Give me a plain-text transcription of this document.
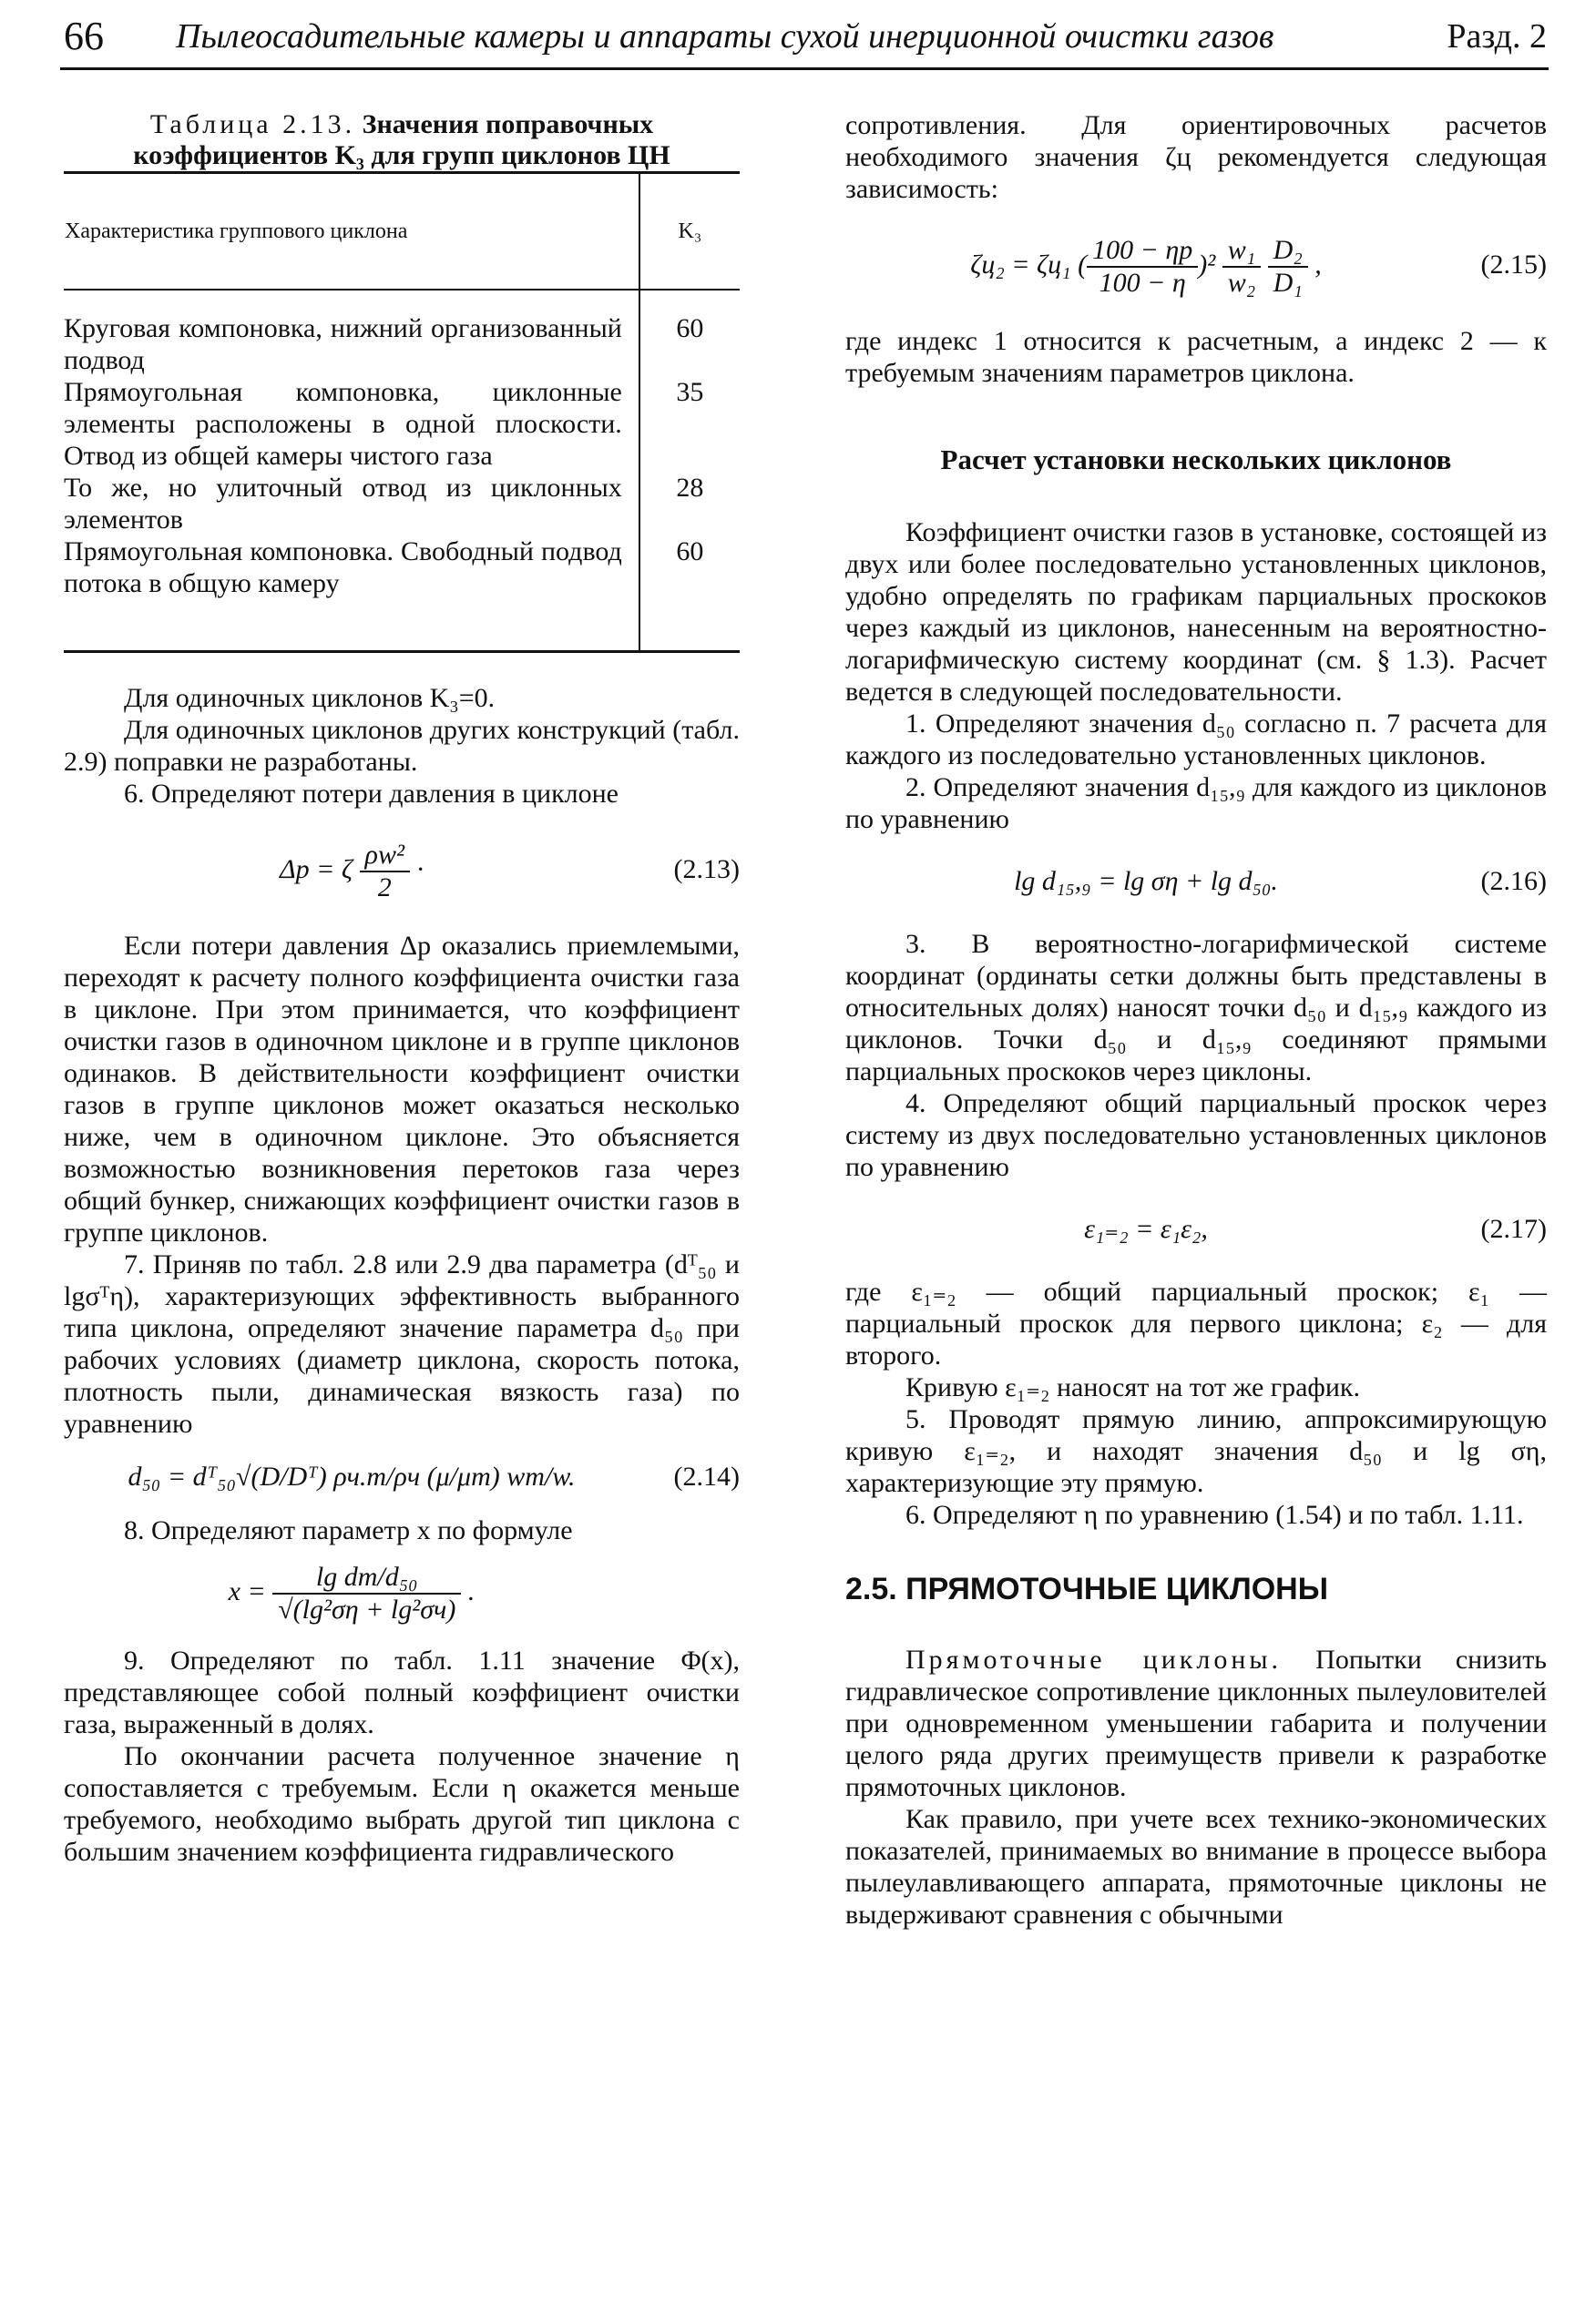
66 Пылеосадительные камеры и аппараты сухой инерционной очистки газов	Разд. 2

Таблица 2.13. Значения поправочных коэффициентов K₃ для групп циклонов ЦН

Характеристика группового циклона	K₃

Круговая компоновка, нижний организованный подвод	60
Прямоугольная компоновка, циклонные элементы расположены в одной плоскости. Отвод из общей камеры чистого газа	35
То же, но улиточный отвод из циклонных элементов	28
Прямоугольная компоновка. Свободный подвод потока в общую камеру	60

Для одиночных циклонов K₃=0.

Для одиночных циклонов других конструкций (табл. 2.9) поправки не разработаны.

6. Определяют потери давления в циклоне

Δp = ζ $\frac{\text{ρw²}}{2}$ ·	(2.13)

Если потери давления Δp оказались приемлемыми, переходят к расчету полного коэффициента очистки газа в циклоне. При этом принимается, что коэффициент очистки газов в одиночном циклоне и в группе циклонов одинаков. В действительности коэффициент очистки газов в группе циклонов может оказаться несколько ниже, чем в одиночном циклоне. Это объясняется возможностью возникновения перетоков газа через общий бункер, снижающих коэффициент очистки газов в группе циклонов.

7. Приняв по табл. 2.8 или 2.9 два параметра (dᵀ₅₀ и lgσᵀη), характеризующих эффективность выбранного типа циклона, определяют значение параметра d₅₀ при рабочих условиях (диаметр циклона, скорость потока, плотность пыли, динамическая вязкость газа) по уравнению

d₅₀ = dᵀ₅₀√(D/Dᵀ) ρч.т/ρч (μ/μт) wт/w.	(2.14)

8. Определяют параметр x по формуле

$x = \frac{\text{lg dm/d₅₀}}{\text{√(lg²ση + lg²σч)}}$ .

9. Определяют по табл. 1.11 значение Φ(x), представляющее собой полный коэффициент очистки газа, выраженный в долях.

По окончании расчета полученное значение η сопоставляется с требуемым. Если η окажется меньше требуемого, необходимо выбрать другой тип циклона с большим значением коэффициента гидравлического

сопротивления. Для ориентировочных расчетов необходимого значения ζц рекомендуется следующая зависимость:

ζц₂ = ζц₁ ( $\frac{100 - \eta p}{100 - \eta} )^2 \frac{\text{w₁}}{\text{w₂}}$
$\frac{\text{D₂}}{\text{D₁}}$ ,	(2.15)

где индекс 1 относится к расчетным, а индекс 2 — к требуемым значениям параметров циклона.

Расчет установки нескольких циклонов

Коэффициент очистки газов в установке, состоящей из двух или более последовательно установленных циклонов, удобно определять по графикам парциальных проскоков через каждый из циклонов, нанесенным на вероятностно-логарифмическую систему координат (см. § 1.3). Расчет ведется в следующей последовательности.

1. Определяют значения d₅₀ согласно п. 7 расчета для каждого из последовательно установленных циклонов.

2. Определяют значения d₁₅,₉ для каждого из циклонов по уравнению

lg d₁₅,₉ = lg ση + lg d₅₀.	(2.16)

3. В вероятностно-логарифмической системе координат (ординаты сетки должны быть представлены в относительных долях) наносят точки d₅₀ и d₁₅,₉ каждого из циклонов. Точки d₅₀ и d₁₅,₉ соединяют прямыми парциальных проскоков через циклоны.

4. Определяют общий парциальный проскок через систему из двух последовательно установленных циклонов по уравнению

ε₁₌₂ = ε₁ε₂,	(2.17)

где ε₁₌₂ — общий парциальный проскок; ε₁ — парциальный проскок для первого циклона; ε₂ — для второго.

Кривую ε₁₌₂ наносят на тот же график.

5. Проводят прямую линию, аппроксимирующую кривую ε₁₌₂, и находят значения d₅₀ и lg ση, характеризующие эту прямую.

6. Определяют η по уравнению (1.54) и по табл. 1.11.

2.5. ПРЯМОТОЧНЫЕ ЦИКЛОНЫ

Прямоточные циклоны. Попытки снизить гидравлическое сопротивление циклонных пылеуловителей при одновременном уменьшении габарита и получении целого ряда других преимуществ привели к разработке прямоточных циклонов.

Как правило, при учете всех технико-экономических показателей, принимаемых во внимание в процессе выбора пылеулавливающего аппарата, прямоточные циклоны не выдерживают сравнения с обычными
